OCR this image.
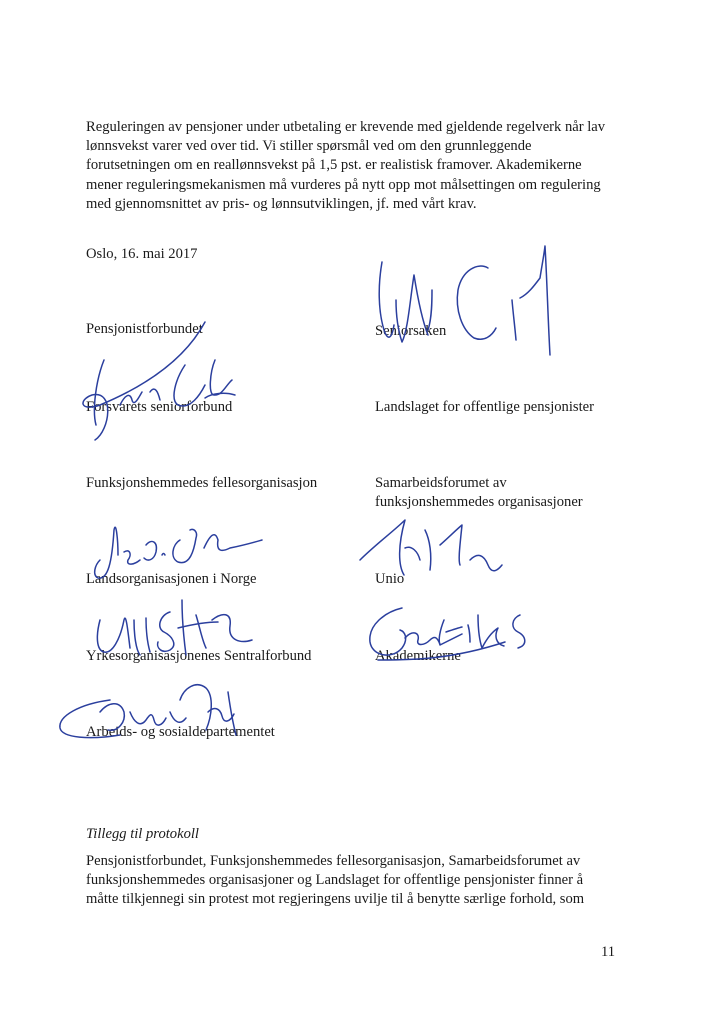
Reguleringen av pensjoner under utbetaling er krevende med gjeldende regelverk når lav
lønnsvekst varer ved over tid. Vi stiller spørsmål ved om den grunnleggende
forutsetningen om en reallønnsvekst på 1,5 pst. er realistisk framover. Akademikerne
mener reguleringsmekanismen må vurderes på nytt opp mot målsettingen om regulering
med gjennomsnittet av pris- og lønnsutviklingen, jf. med vårt krav.
Oslo, 16. mai 2017
Pensjonistforbundet	Seniorsaken
Forsvarets seniorforbund	Landslaget for offentlige pensjonister
Funksjonshemmedes fellesorganisasjon	Samarbeidsforumet av
funksjonshemmedes organisasjoner
Landsorganisasjonen i Norge	Unio
Yrkesorganisasjonenes Sentralforbund	Akademikerne
Arbeids- og sosialdepartementet
Tillegg til protokoll
Pensjonistforbundet, Funksjonshemmedes fellesorganisasjon, Samarbeidsforumet av
funksjonshemmedes organisasjoner og Landslaget for offentlige pensjonister finner å
måtte tilkjennegi sin protest mot regjeringens uvilje til å benytte særlige forhold, som
11
